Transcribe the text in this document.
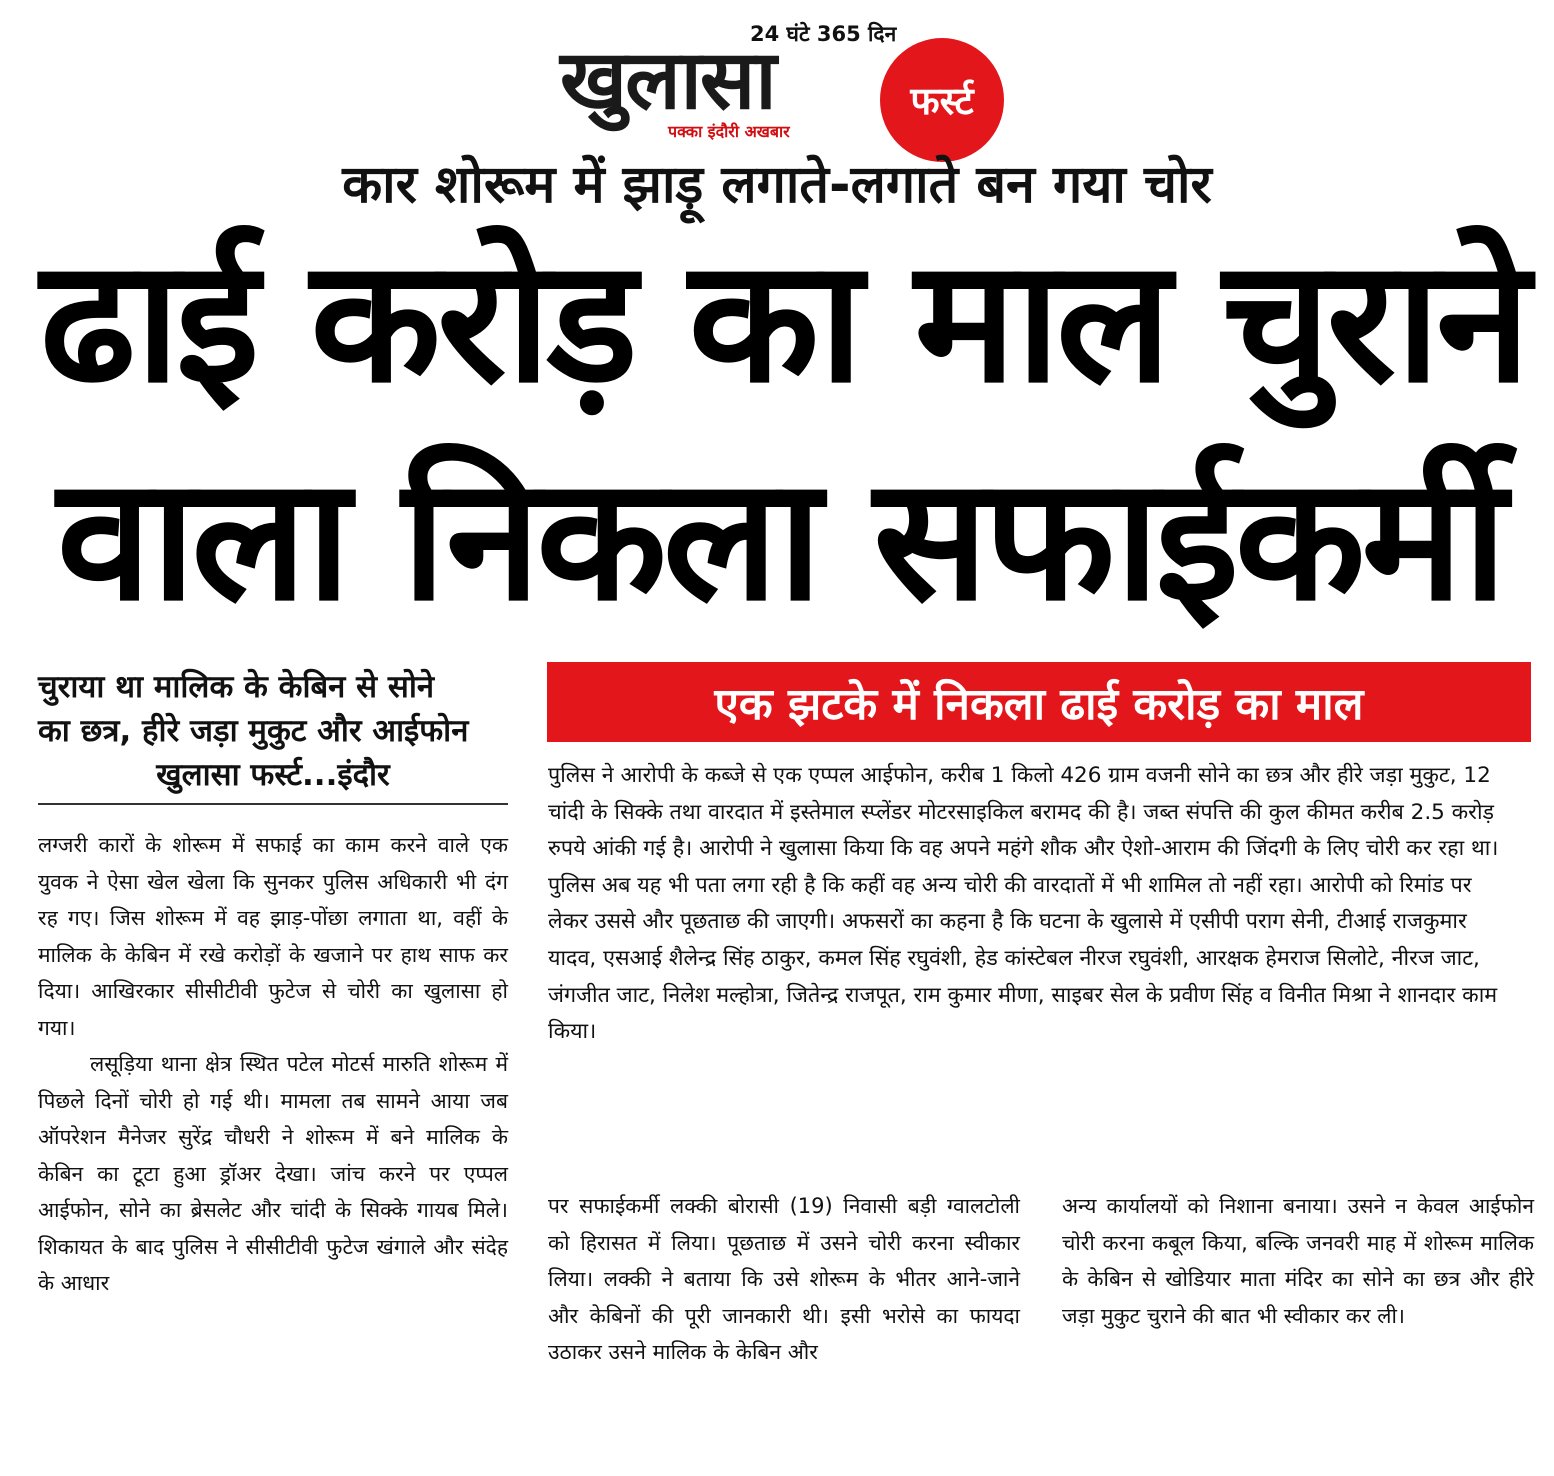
24 घंटे 365 दिन
खुलासा
पक्का इंदौरी अखबार
फर्स्ट
कार शोरूम में झाड़ू लगाते-लगाते बन गया चोर
ढाई करोड़ का माल चुराने
वाला निकला सफाईकर्मी
चुराया था मालिक के केबिन से सोने
का छत्र, हीरे जड़ा मुकुट और आईफोन
खुलासा फर्स्ट...इंदौर

लग्जरी कारों के शोरूम में सफाई का काम करने वाले एक युवक ने ऐसा खेल खेला कि सुनकर पुलिस अधिकारी भी दंग रह गए। जिस शोरूम में वह झाड़-पोंछा लगाता था, वहीं के मालिक के केबिन में रखे करोड़ों के खजाने पर हाथ साफ कर दिया। आखिरकार सीसीटीवी फुटेज से चोरी का खुलासा हो गया।

लसूड़िया थाना क्षेत्र स्थित पटेल मोटर्स मारुति शोरूम में पिछले दिनों चोरी हो गई थी। मामला तब सामने आया जब ऑपरेशन मैनेजर सुरेंद्र चौधरी ने शोरूम में बने मालिक के केबिन का टूटा हुआ ड्रॉअर देखा। जांच करने पर एप्पल आईफोन, सोने का ब्रेसलेट और चांदी के सिक्के गायब मिले। शिकायत के बाद पुलिस ने सीसीटीवी फुटेज खंगाले और संदेह के आधार

एक झटके में निकला ढाई करोड़ का माल
पुलिस ने आरोपी के कब्जे से एक एप्पल आईफोन, करीब 1 किलो 426 ग्राम वजनी सोने का छत्र और हीरे जड़ा मुकुट, 12 चांदी के सिक्के तथा वारदात में इस्तेमाल स्प्लेंडर मोटरसाइकिल बरामद की है। जब्त संपत्ति की कुल कीमत करीब 2.5 करोड़ रुपये आंकी गई है। आरोपी ने खुलासा किया कि वह अपने महंगे शौक और ऐशो-आराम की जिंदगी के लिए चोरी कर रहा था। पुलिस अब यह भी पता लगा रही है कि कहीं वह अन्य चोरी की वारदातों में भी शामिल तो नहीं रहा। आरोपी को रिमांड पर लेकर उससे और पूछताछ की जाएगी। अफसरों का कहना है कि घटना के खुलासे में एसीपी पराग सेनी, टीआई राजकुमार यादव, एसआई शैलेन्द्र सिंह ठाकुर, कमल सिंह रघुवंशी, हेड कांस्टेबल नीरज रघुवंशी, आरक्षक हेमराज सिलोटे, नीरज जाट, जंगजीत जाट, निलेश मल्होत्रा, जितेन्द्र राजपूत, राम कुमार मीणा, साइबर सेल के प्रवीण सिंह व विनीत मिश्रा ने शानदार काम किया।
पर सफाईकर्मी लक्की बोरासी (19) निवासी बड़ी ग्वालटोली को हिरासत में लिया। पूछताछ में उसने चोरी करना स्वीकार लिया। लक्की ने बताया कि उसे शोरूम के भीतर आने-जाने और केबिनों की पूरी जानकारी थी। इसी भरोसे का फायदा उठाकर उसने मालिक के केबिन और
अन्य कार्यालयों को निशाना बनाया। उसने न केवल आईफोन चोरी करना कबूल किया, बल्कि जनवरी माह में शोरूम मालिक के केबिन से खोडियार माता मंदिर का सोने का छत्र और हीरे जड़ा मुकुट चुराने की बात भी स्वीकार कर ली।
